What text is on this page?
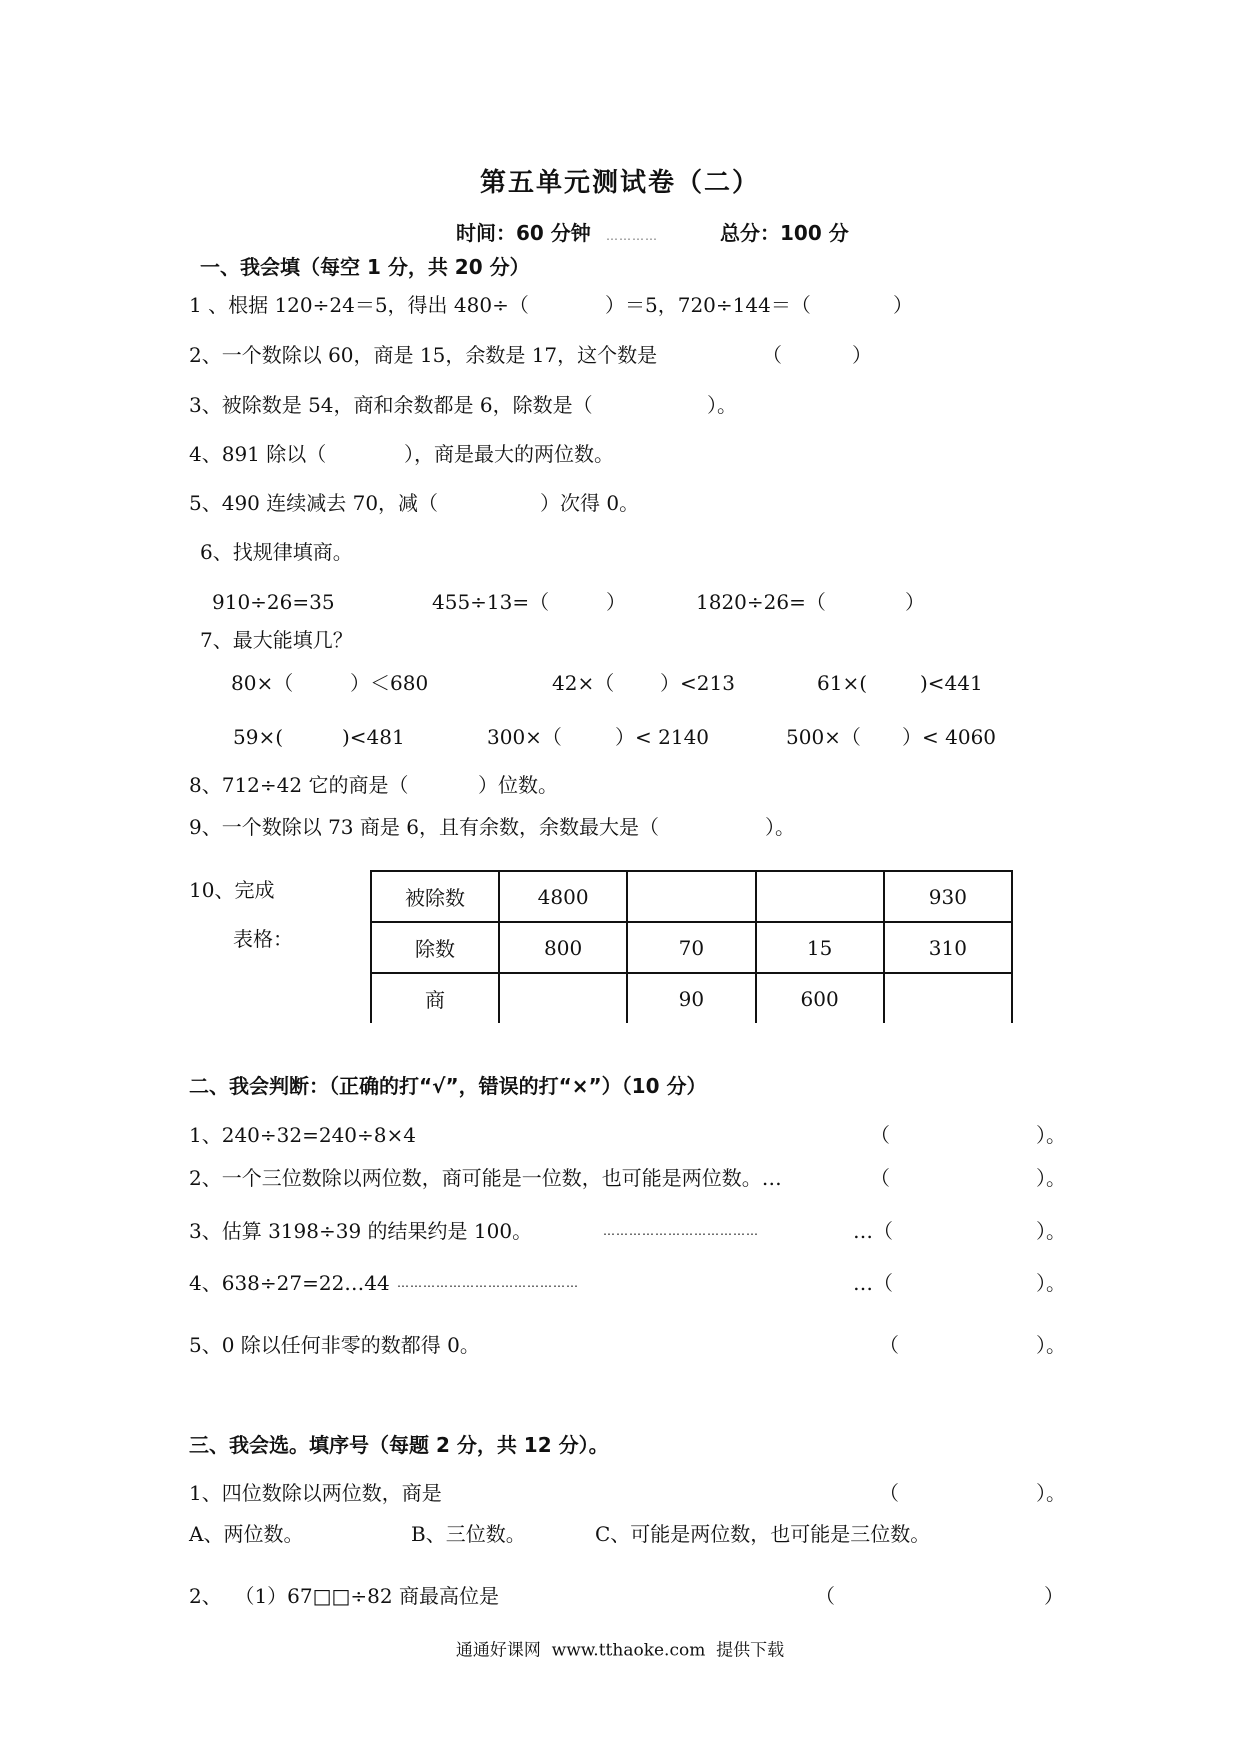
第五单元测试卷（二）
时间：60 分钟 …………	总分：100 分
一、我会填（每空 1 分，共 20 分）
1 、根据 120÷24＝5，得出 480÷（	）＝5，720÷144＝（	）
2、一个数除以 60，商是 15，余数是 17，这个数是	（	）
3、被除数是 54，商和余数都是 6，除数是（	）。
4、891 除以（	），商是最大的两位数。
5、490 连续减去 70，减（	）次得 0。
6、找规律填商。
910÷26=35	455÷13=（	）	1820÷26=（	）
7、最大能填几？
80×（	）＜680	42×（ ）<213	61×(	)<441
59×(	)<481	300×（	）< 2140	500×（ ）< 4060
8、712÷42 它的商是（	）位数。
9、一个数除以 73 商是 6，且有余数，余数最大是（	）。
10、完成
表格：
被除数	4800			930
除数	800	70	15	310
商		90	600	
二、我会判断：（正确的打“√”，错误的打“×”）（10 分）
1、240÷32=240÷8×4	（	）。
2、一个三位数除以两位数，商可能是一位数，也可能是两位数。…	（	）。
3、估算 3198÷39 的结果约是 100。	………………………………	…（	）。
4、638÷27=22…44 ……………………………………	…（	）。
5、0 除以任何非零的数都得 0。	（	）。
三、我会选。填序号（每题 2 分，共 12 分）。
1、四位数除以两位数，商是	（	）。
A、两位数。	B、三位数。	C、可能是两位数，也可能是三位数。
2、  （1）67□□÷82 商最高位是	（	）
通通好课网  www.tthaoke.com  提供下载
